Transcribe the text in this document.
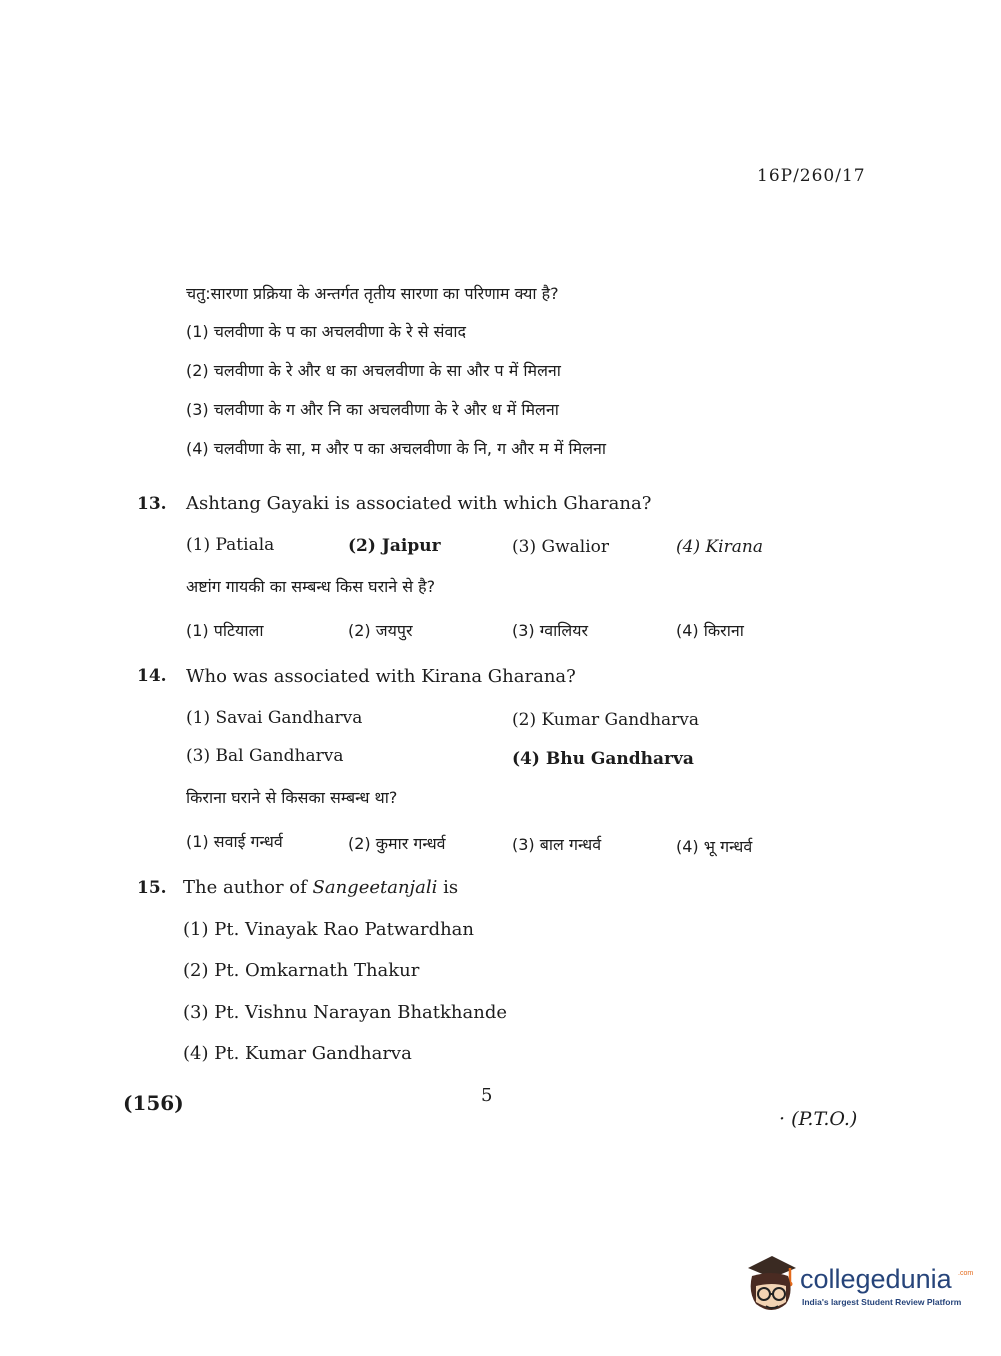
16P/260/17
चतु:सारणा प्रक्रिया के अन्तर्गत तृतीय सारणा का परिणाम क्या है?
(1) चलवीणा के प का अचलवीणा के रे से संवाद
(2) चलवीणा के रे और ध का अचलवीणा के सा और प में मिलना
(3) चलवीणा के ग और नि का अचलवीणा के रे और ध में मिलना
(4) चलवीणा के सा, म और प का अचलवीणा के नि, ग और म में मिलना
13. Ashtang Gayaki is associated with which Gharana?
(1) Patiala	(2) Jaipur	(3) Gwalior	(4) Kirana
अष्टांग गायकी का सम्बन्ध किस घराने से है?
(1) पटियाला	(2) जयपुर	(3) ग्वालियर	(4) किराना
14. Who was associated with Kirana Gharana?
(1) Savai Gandharva	(2) Kumar Gandharva
(3) Bal Gandharva	(4) Bhu Gandharva
किराना घराने से किसका सम्बन्ध था?
(1) सवाई गन्धर्व	(2) कुमार गन्धर्व	(3) बाल गन्धर्व	(4) भू गन्धर्व
15. The author of Sangeetanjali is
(1) Pt. Vinayak Rao Patwardhan
(2) Pt. Omkarnath Thakur
(3) Pt. Vishnu Narayan Bhatkhande
(4) Pt. Kumar Gandharva
(156)	5
· (P.T.O.)
collegedunia .com
India's largest Student Review Platform
